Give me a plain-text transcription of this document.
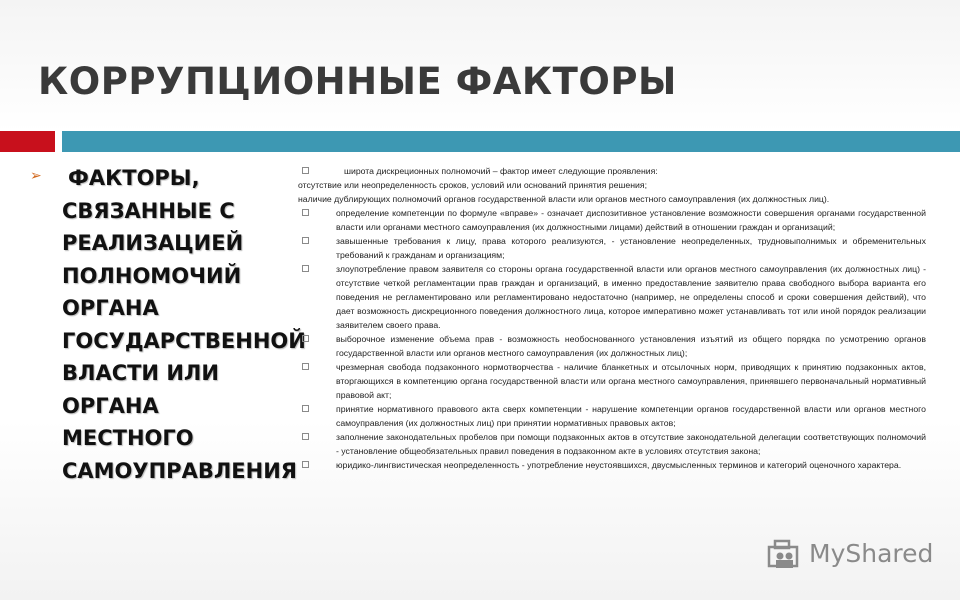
КОРРУПЦИОННЫЕ ФАКТОРЫ
➢ ФАКТОРЫ,
СВЯЗАННЫЕ С
РЕАЛИЗАЦИЕЙ
ПОЛНОМОЧИЙ
ОРГАНА
ГОСУДАРСТВЕННОЙ
ВЛАСТИ ИЛИ ОРГАНА
МЕСТНОГО
САМОУПРАВЛЕНИЯ

широта дискреционных полномочий – фактор имеет следующие проявления:

отсутствие или неопределенность сроков, условий или оснований принятия решения;

наличие дублирующих полномочий органов государственной власти или органов местного самоуправления (их должностных лиц).

определение компетенции по формуле «вправе» - означает диспозитивное установление возможности совершения органами государственной власти или органами местного самоуправления (их должностными лицами) действий в отношении граждан и организаций;

завышенные требования к лицу, права которого реализуются, - установление неопределенных, трудновыполнимых и обременительных требований к гражданам и организациям;

злоупотребление правом заявителя со стороны органа государственной власти или органов местного самоуправления (их должностных лиц) - отсутствие четкой регламентации прав граждан и организаций, в именно предоставление заявителю права свободного выбора варианта его поведения не регламентировано или регламентировано недостаточно (например, не определены способ и сроки совершения действий), что дает возможность дискреционного поведения должностного лица, которое императивно может устанавливать тот или иной порядок реализации заявителем своего права.

выборочное изменение объема прав - возможность необоснованного установления изъятий из общего порядка по усмотрению органов государственной власти или органов местного самоуправления (их должностных лиц);

чрезмерная свобода подзаконного нормотворчества - наличие бланкетных и отсылочных норм, приводящих к принятию подзаконных актов, вторгающихся в компетенцию органа государственной власти или органа местного самоуправления, принявшего первоначальный нормативный правовой акт;

принятие нормативного правового акта сверх компетенции - нарушение компетенции органов государственной власти или органов местного самоуправления (их должностных лиц) при принятии нормативных правовых актов;

заполнение законодательных пробелов при помощи подзаконных актов в отсутствие законодательной делегации соответствующих полномочий - установление общеобязательных правил поведения в подзаконном акте в условиях отсутствия закона;

юридико-лингвистическая неопределенность - употребление неустоявшихся, двусмысленных терминов и категорий оценочного характера.

MyShared
